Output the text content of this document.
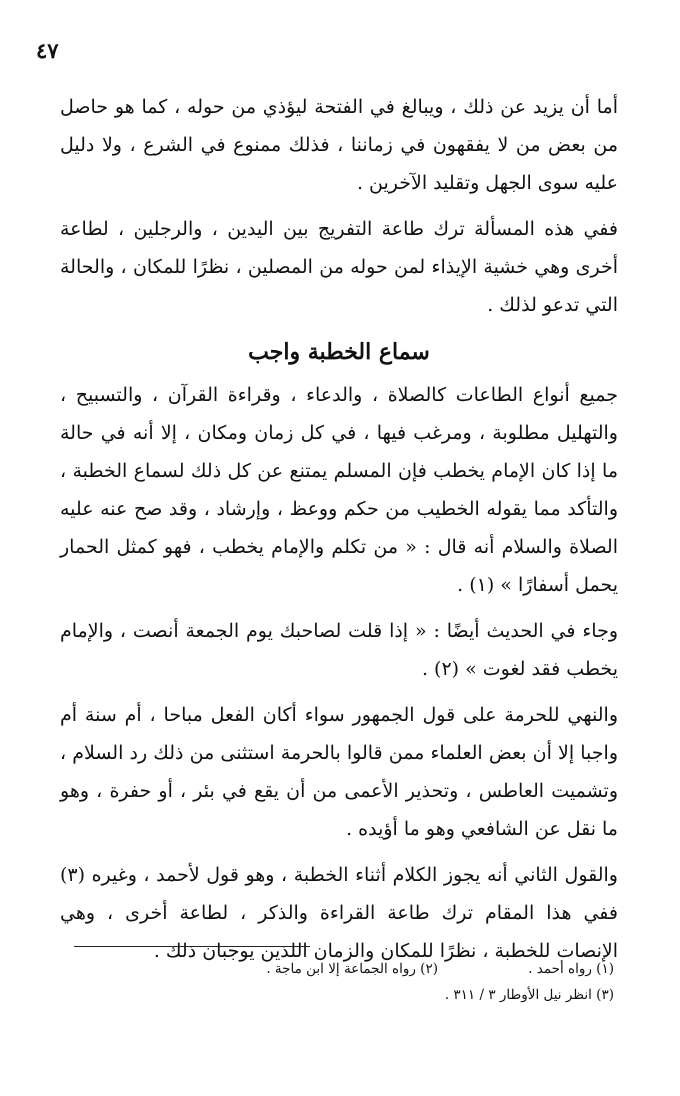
٤٧

أما أن يزيد عن ذلك ، ويبالغ في الفتحة ليؤذي من حوله ، كما هو حاصل من بعض من لا يفقهون في زماننا ، فذلك ممنوع في الشرع ، ولا دليل عليه سوى الجهل وتقليد الآخرين .

ففي هذه المسألة ترك طاعة التفريج بين اليدين ، والرجلين ، لطاعة أخرى وهي خشية الإيذاء لمن حوله من المصلين ، نظرًا للمكان ، والحالة التي تدعو لذلك .

سماع الخطبة واجب

جميع أنواع الطاعات كالصلاة ، والدعاء ، وقراءة القرآن ، والتسبيح ، والتهليل مطلوبة ، ومرغب فيها ، في كل زمان ومكان ، إلا أنه في حالة ما إذا كان الإمام يخطب فإن المسلم يمتنع عن كل ذلك لسماع الخطبة ، والتأكد مما يقوله الخطيب من حكم ووعظ ، وإرشاد ، وقد صح عنه عليه الصلاة والسلام أنه قال : « من تكلم والإمام يخطب ، فهو كمثل الحمار يحمل أسفارًا » (١) .

وجاء في الحديث أيضًا : « إذا قلت لصاحبك يوم الجمعة أنصت ، والإمام يخطب فقد لغوت » (٢) .

والنهي للحرمة على قول الجمهور سواء أكان الفعل مباحا ، أم سنة أم واجبا إلا أن بعض العلماء ممن قالوا بالحرمة استثنى من ذلك رد السلام ، وتشميت العاطس ، وتحذير الأعمى من أن يقع في بئر ، أو حفرة ، وهو ما نقل عن الشافعي وهو ما أؤيده .

والقول الثاني أنه يجوز الكلام أثناء الخطبة ، وهو قول لأحمد ، وغيره (٣) ففي هذا المقام ترك طاعة القراءة والذكر ، لطاعة أخرى ، وهي الإنصات للخطبة ، نظرًا للمكان والزمان اللذين يوجبان ذلك .

(١) رواه أحمد .
(٢) رواه الجماعة إلا ابن ماجة .
(٣) انظر نيل الأوطار ٣ / ٣١١ .
